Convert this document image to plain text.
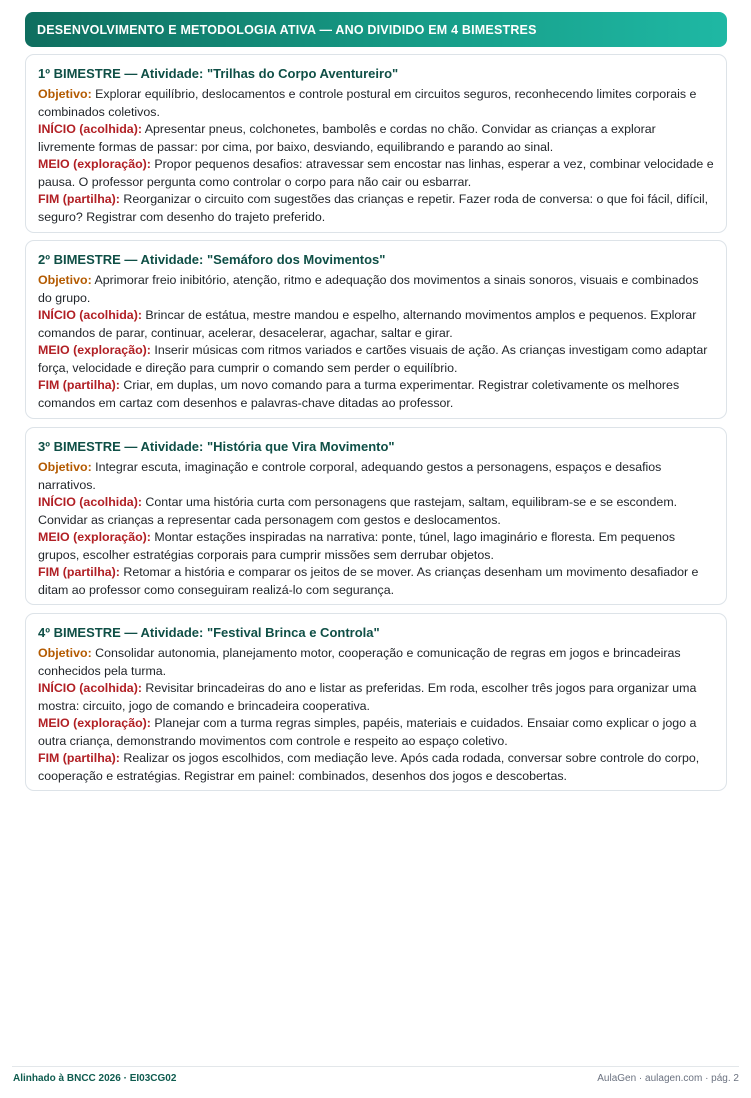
DESENVOLVIMENTO E METODOLOGIA ATIVA — ANO DIVIDIDO EM 4 BIMESTRES

1º BIMESTRE — Atividade: "Trilhas do Corpo Aventureiro"

Objetivo: Explorar equilíbrio, deslocamentos e controle postural em circuitos seguros, reconhecendo limites corporais e combinados coletivos.

INÍCIO (acolhida): Apresentar pneus, colchonetes, bambolês e cordas no chão. Convidar as crianças a explorar livremente formas de passar: por cima, por baixo, desviando, equilibrando e parando ao sinal.

MEIO (exploração): Propor pequenos desafios: atravessar sem encostar nas linhas, esperar a vez, combinar velocidade e pausa. O professor pergunta como controlar o corpo para não cair ou esbarrar.

FIM (partilha): Reorganizar o circuito com sugestões das crianças e repetir. Fazer roda de conversa: o que foi fácil, difícil, seguro? Registrar com desenho do trajeto preferido.

2º BIMESTRE — Atividade: "Semáforo dos Movimentos"

Objetivo: Aprimorar freio inibitório, atenção, ritmo e adequação dos movimentos a sinais sonoros, visuais e combinados do grupo.

INÍCIO (acolhida): Brincar de estátua, mestre mandou e espelho, alternando movimentos amplos e pequenos. Explorar comandos de parar, continuar, acelerar, desacelerar, agachar, saltar e girar.

MEIO (exploração): Inserir músicas com ritmos variados e cartões visuais de ação. As crianças investigam como adaptar força, velocidade e direção para cumprir o comando sem perder o equilíbrio.

FIM (partilha): Criar, em duplas, um novo comando para a turma experimentar. Registrar coletivamente os melhores comandos em cartaz com desenhos e palavras-chave ditadas ao professor.

3º BIMESTRE — Atividade: "História que Vira Movimento"

Objetivo: Integrar escuta, imaginação e controle corporal, adequando gestos a personagens, espaços e desafios narrativos.

INÍCIO (acolhida): Contar uma história curta com personagens que rastejam, saltam, equilibram-se e se escondem. Convidar as crianças a representar cada personagem com gestos e deslocamentos.

MEIO (exploração): Montar estações inspiradas na narrativa: ponte, túnel, lago imaginário e floresta. Em pequenos grupos, escolher estratégias corporais para cumprir missões sem derrubar objetos.

FIM (partilha): Retomar a história e comparar os jeitos de se mover. As crianças desenham um movimento desafiador e ditam ao professor como conseguiram realizá-lo com segurança.

4º BIMESTRE — Atividade: "Festival Brinca e Controla"

Objetivo: Consolidar autonomia, planejamento motor, cooperação e comunicação de regras em jogos e brincadeiras conhecidos pela turma.

INÍCIO (acolhida): Revisitar brincadeiras do ano e listar as preferidas. Em roda, escolher três jogos para organizar uma mostra: circuito, jogo de comando e brincadeira cooperativa.

MEIO (exploração): Planejar com a turma regras simples, papéis, materiais e cuidados. Ensaiar como explicar o jogo a outra criança, demonstrando movimentos com controle e respeito ao espaço coletivo.

FIM (partilha): Realizar os jogos escolhidos, com mediação leve. Após cada rodada, conversar sobre controle do corpo, cooperação e estratégias. Registrar em painel: combinados, desenhos dos jogos e descobertas.

Alinhado à BNCC 2026 · EI03CG02	AulaGen · aulagen.com · pág. 2
